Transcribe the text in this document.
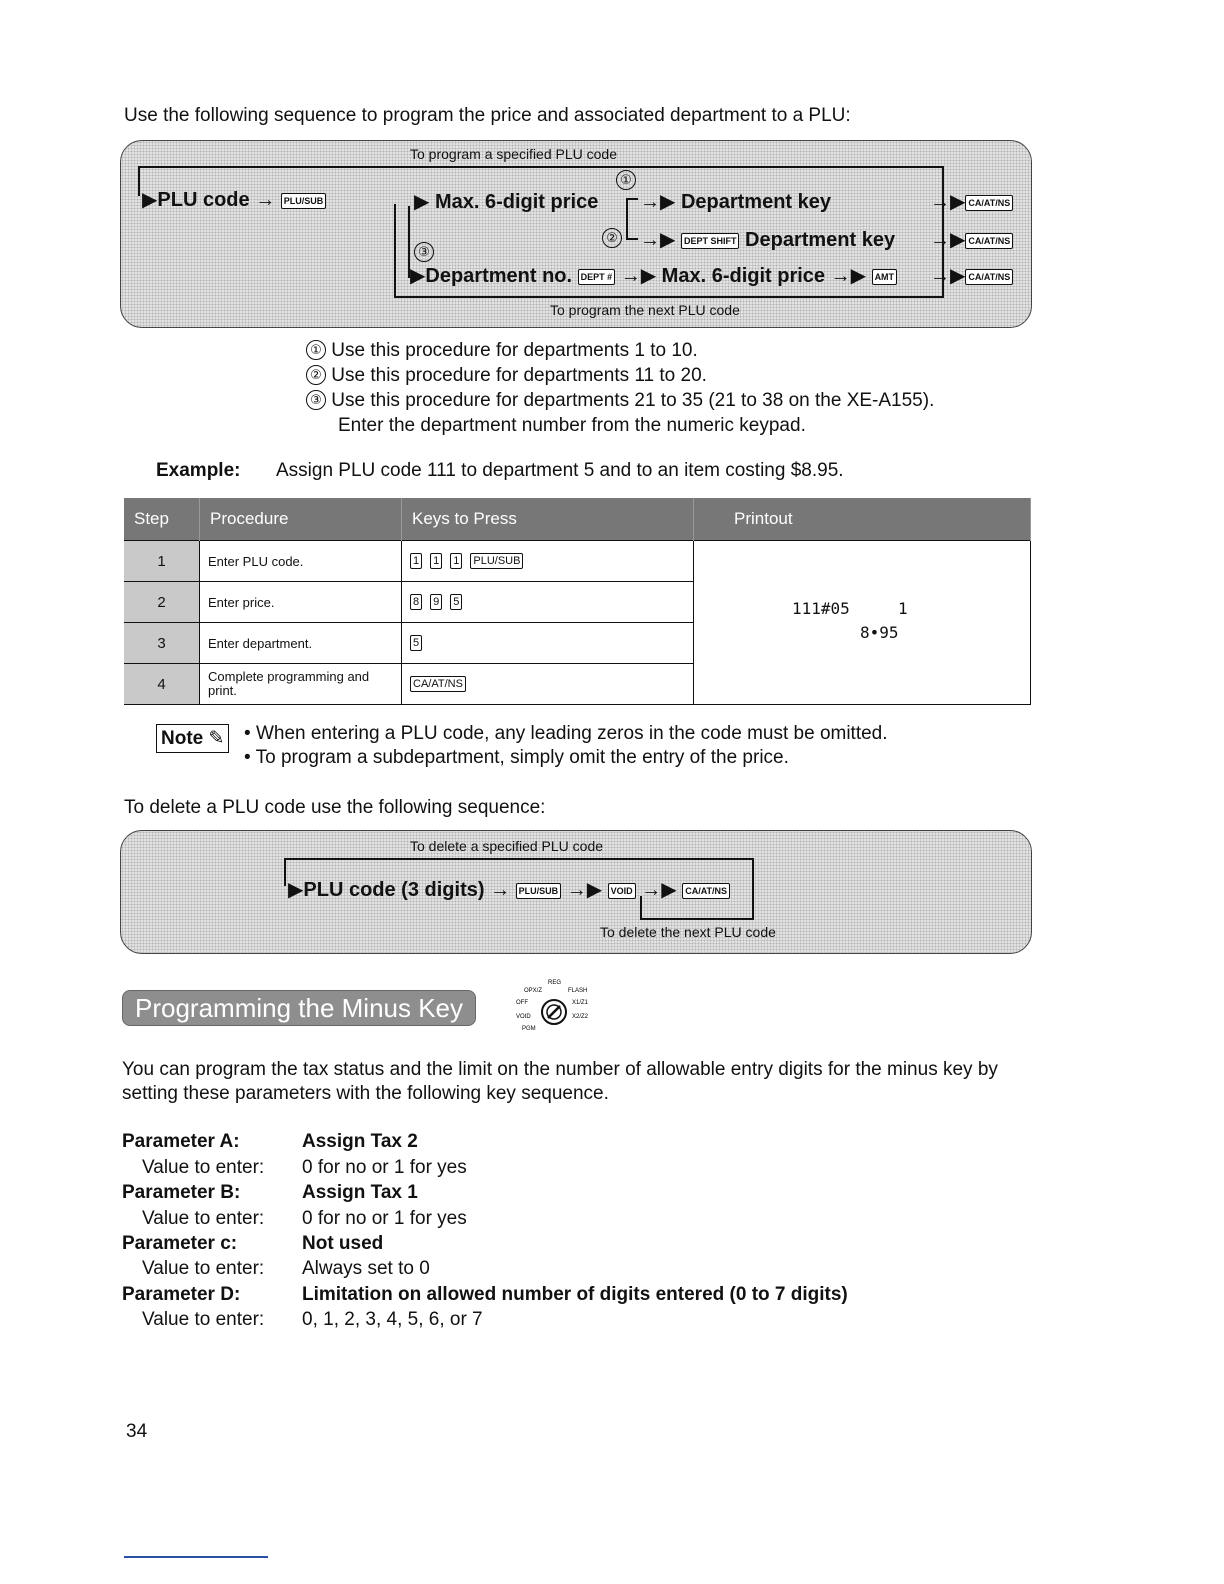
Use the following sequence to program the price and associated department to a PLU:
To program a specified PLU code
To program the next PLU code
▶PLU code → PLU/SUB	▶ Max. 6-digit price
①
→▶ Department key	→▶ CA/AT/NS
② →▶ DEPT SHIFT Department key →▶ CA/AT/NS
③
▶Department no. DEPT # →▶ Max. 6-digit price →▶ AMT →▶ CA/AT/NS
① Use this procedure for departments 1 to 10.
② Use this procedure for departments 11 to 20.
③ Use this procedure for departments 21 to 35 (21 to 38 on the XE-A155).
Enter the department number from the numeric keypad.
Example: Assign PLU code 111 to department 5 and to an item costing $8.95.
Step	Procedure	Keys to Press	Printout
1	Enter PLU code.	1 1 1 PLU/SUB	111#05     1
8•95

2	Enter price.	8 9 5	
3	Enter department.	5	
4	Complete programming and print.	CA/AT/NS	
Note ✎ • When entering a PLU code, any leading zeros in the code must be omitted.
• To program a subdepartment, simply omit the entry of the price.
To delete a PLU code use the following sequence:
To delete a specified PLU code
To delete the next PLU code
▶PLU code (3 digits) → PLU/SUB →▶ VOID →▶ CA/AT/NS
Programming the Minus Key
REG
OPX/Z	FLASH
OFF	X1/Z1
VOID	X2/Z2
PGM
You can program the tax status and the limit on the number of allowable entry digits for the minus key by setting these parameters with the following key sequence.
Parameter A:	Assign Tax 2
Value to enter: 0 for no or 1 for yes
Parameter B:	Assign Tax 1
Value to enter: 0 for no or 1 for yes
Parameter c:	Not used
Value to enter: Always set to 0
Parameter D:	Limitation on allowed number of digits entered (0 to 7 digits)
Value to enter: 0, 1, 2, 3, 4, 5, 6, or 7
34
